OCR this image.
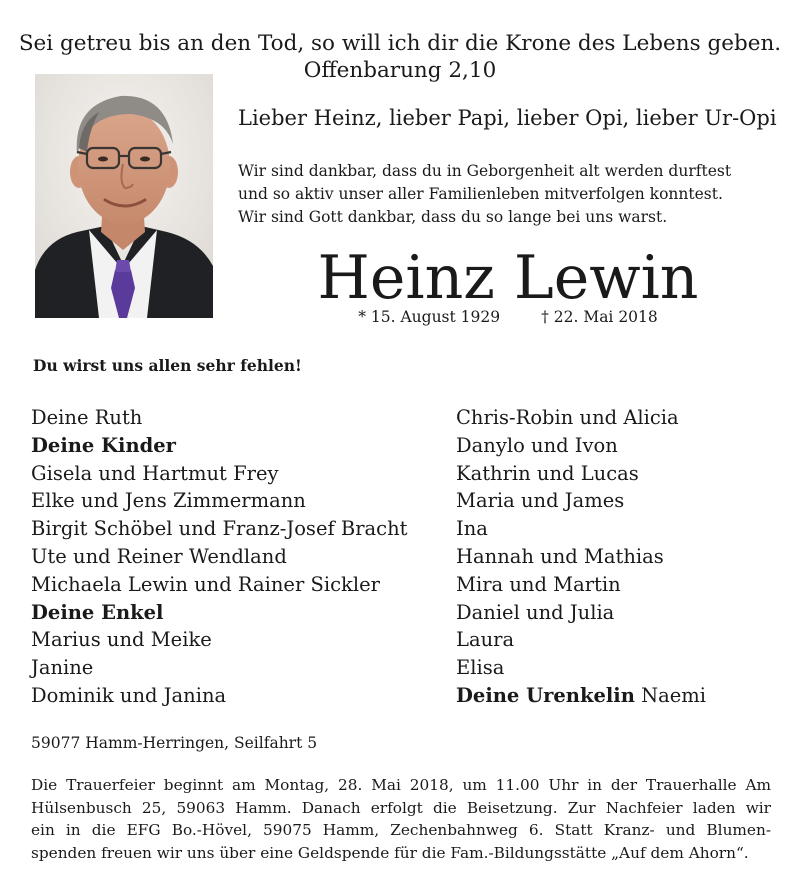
Sei getreu bis an den Tod, so will ich dir die Krone des Lebens geben.
Offenbarung 2,10
Lieber Heinz, lieber Papi, lieber Opi, lieber Ur-Opi
Wir sind dankbar, dass du in Geborgenheit alt werden durftest
und so aktiv unser aller Familienleben mitverfolgen konntest.
Wir sind Gott dankbar, dass du so lange bei uns warst.
Heinz Lewin
* 15. August 1929	† 22. Mai 2018
Du wirst uns allen sehr fehlen!
Deine Ruth
Deine Kinder
Gisela und Hartmut Frey
Elke und Jens Zimmermann
Birgit Schöbel und Franz-Josef Bracht
Ute und Reiner Wendland
Michaela Lewin und Rainer Sickler
Deine Enkel
Marius und Meike
Janine
Dominik und Janina
Chris-Robin und Alicia
Danylo und Ivon
Kathrin und Lucas
Maria und James
Ina
Hannah und Mathias
Mira und Martin
Daniel und Julia
Laura
Elisa
Deine Urenkelin Naemi
59077 Hamm-Herringen, Seilfahrt 5
Die Trauerfeier beginnt am Montag, 28. Mai 2018, um 11.00 Uhr in der Trauerhalle Am
Hülsenbusch 25, 59063 Hamm. Danach erfolgt die Beisetzung. Zur Nachfeier laden wir
ein in die EFG Bo.-Hövel, 59075 Hamm, Zechenbahnweg 6. Statt Kranz- und Blumen-
spenden freuen wir uns über eine Geldspende für die Fam.-Bildungsstätte „Auf dem Ahorn“.
